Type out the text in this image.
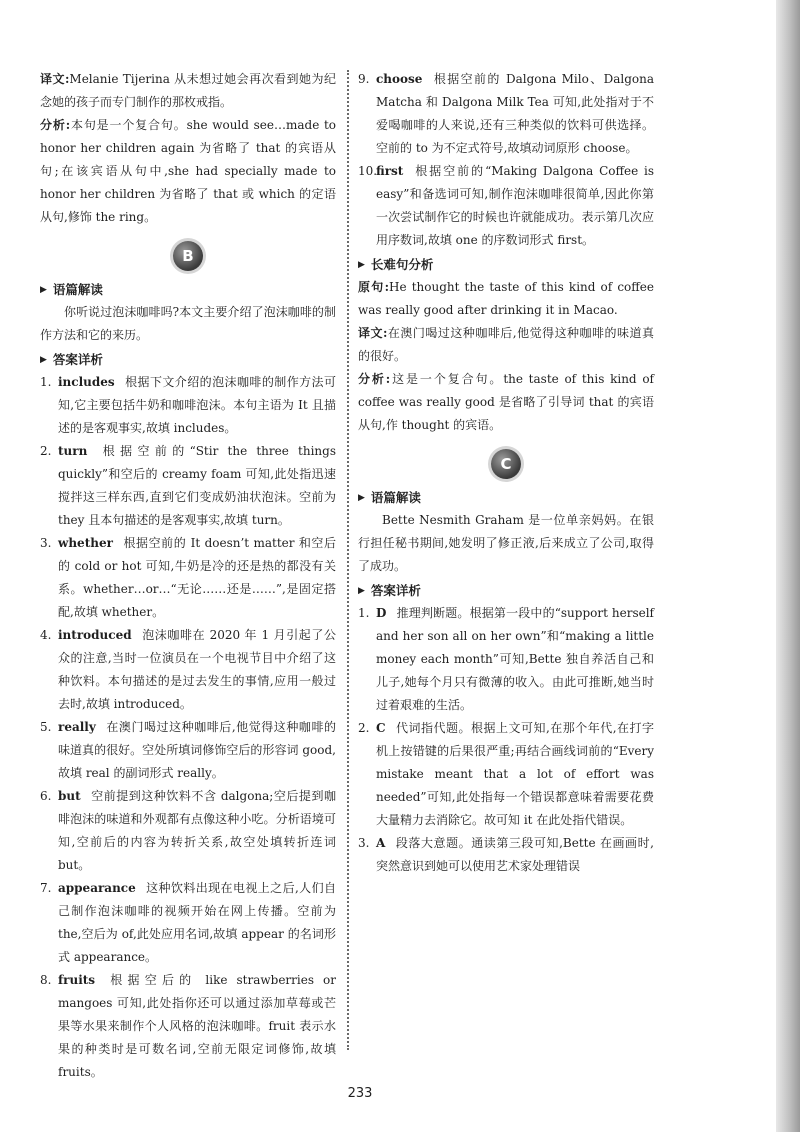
译文:Melanie Tijerina 从未想过她会再次看到她为纪念她的孩子而专门制作的那枚戒指。

分析:本句是一个复合句。she would see…made to honor her children again 为省略了 that 的宾语从句;在该宾语从句中,she had specially made to honor her children 为省略了 that 或 which 的定语从句,修饰 the ring。

B
▶ 语篇解读

你听说过泡沫咖啡吗?本文主要介绍了泡沫咖啡的制作方法和它的来历。

▶ 答案详析
1. includes 根据下文介绍的泡沫咖啡的制作方法可知,它主要包括牛奶和咖啡泡沫。本句主语为 It 且描述的是客观事实,故填 includes。
2. turn 根据空前的“Stir the three things quickly”和空后的 creamy foam 可知,此处指迅速搅拌这三样东西,直到它们变成奶油状泡沫。空前为 they 且本句描述的是客观事实,故填 turn。
3. whether 根据空前的 It doesn’t matter 和空后的 cold or hot 可知,牛奶是冷的还是热的都没有关系。whether…or…“无论……还是……”,是固定搭配,故填 whether。
4. introduced 泡沫咖啡在 2020 年 1 月引起了公众的注意,当时一位演员在一个电视节目中介绍了这种饮料。本句描述的是过去发生的事情,应用一般过去时,故填 introduced。
5. really 在澳门喝过这种咖啡后,他觉得这种咖啡的味道真的很好。空处所填词修饰空后的形容词 good,故填 real 的副词形式 really。
6. but 空前提到这种饮料不含 dalgona;空后提到咖啡泡沫的味道和外观都有点像这种小吃。分析语境可知,空前后的内容为转折关系,故空处填转折连词 but。
7. appearance 这种饮料出现在电视上之后,人们自己制作泡沫咖啡的视频开始在网上传播。空前为 the,空后为 of,此处应用名词,故填 appear 的名词形式 appearance。
8. fruits 根据空后的 like strawberries or mangoes 可知,此处指你还可以通过添加草莓或芒果等水果来制作个人风格的泡沫咖啡。fruit 表示水果的种类时是可数名词,空前无限定词修饰,故填 fruits。
9. choose 根据空前的 Dalgona Milo、Dalgona Matcha 和 Dalgona Milk Tea 可知,此处指对于不爱喝咖啡的人来说,还有三种类似的饮料可供选择。空前的 to 为不定式符号,故填动词原形 choose。
10.
first 根据空前的“Making Dalgona Coffee is easy”和备选词可知,制作泡沫咖啡很简单,因此你第一次尝试制作它的时候也许就能成功。表示第几次应用序数词,故填 one 的序数词形式 first。
▶ 长难句分析

原句:He thought the taste of this kind of coffee was really good after drinking it in Macao.

译文:在澳门喝过这种咖啡后,他觉得这种咖啡的味道真的很好。

分析:这是一个复合句。the taste of this kind of coffee was really good 是省略了引导词 that 的宾语从句,作 thought 的宾语。

C
▶ 语篇解读

Bette Nesmith Graham 是一位单亲妈妈。在银行担任秘书期间,她发明了修正液,后来成立了公司,取得了成功。

▶ 答案详析
1. D 推理判断题。根据第一段中的“support herself and her son all on her own”和“making a little money each month”可知,Bette 独自养活自己和儿子,她每个月只有微薄的收入。由此可推断,她当时过着艰难的生活。
2. C 代词指代题。根据上文可知,在那个年代,在打字机上按错键的后果很严重;再结合画线词前的“Every mistake meant that a lot of effort was needed”可知,此处指每一个错误都意味着需要花费大量精力去消除它。故可知 it 在此处指代错误。
3. A 段落大意题。通读第三段可知,Bette 在画画时,突然意识到她可以使用艺术家处理错误
233
